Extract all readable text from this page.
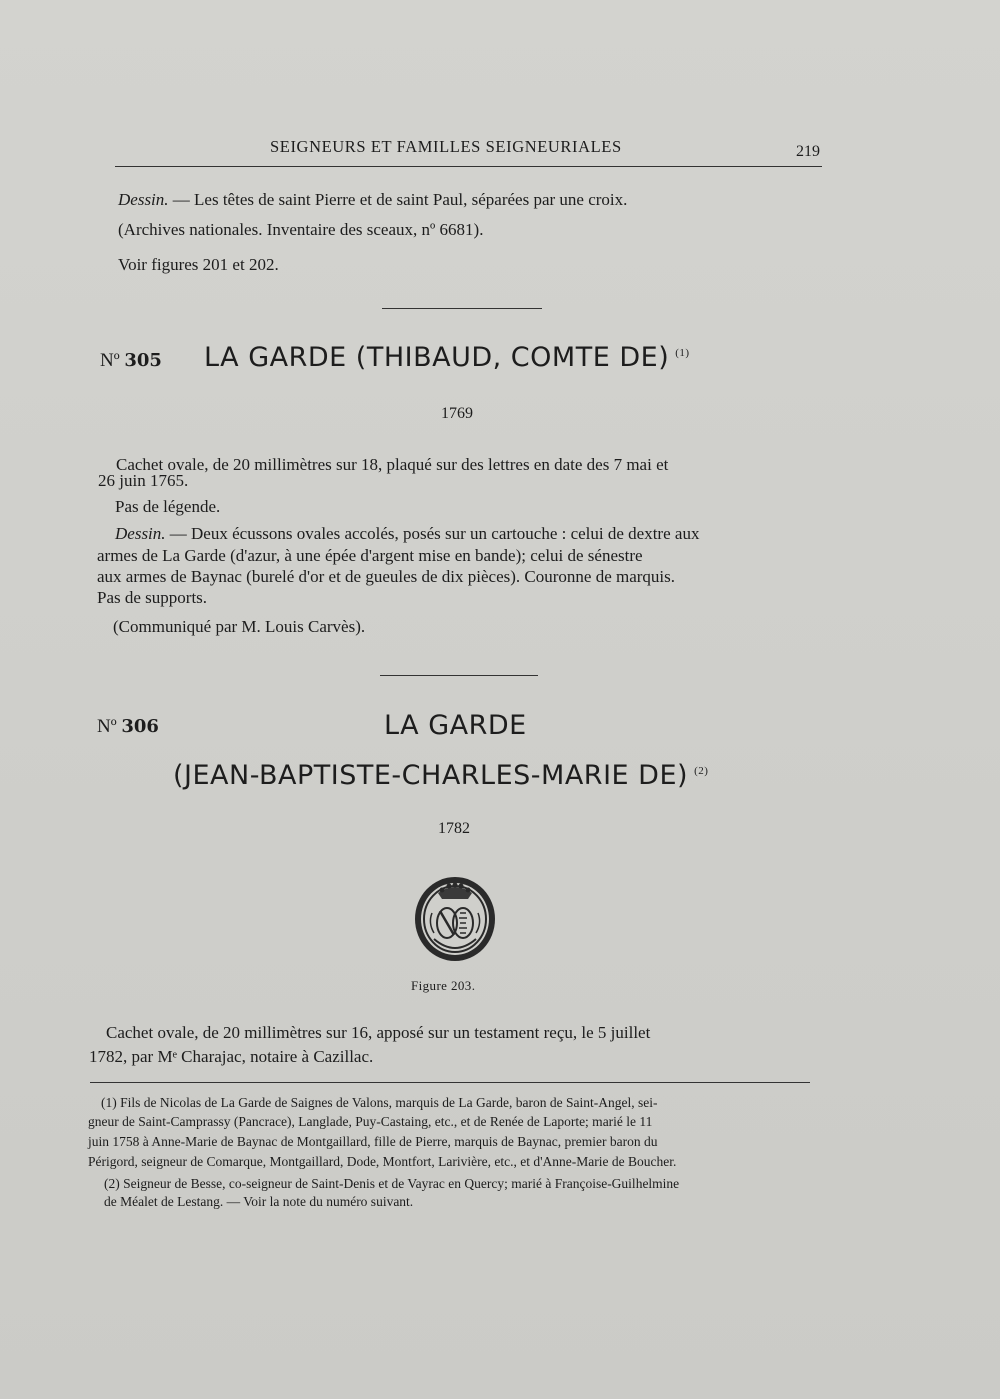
SEIGNEURS ET FAMILLES SEIGNEURIALES	219
Dessin. — Les têtes de saint Pierre et de saint Paul, séparées par une croix.
(Archives nationales. Inventaire des sceaux, nº 6681).
Voir figures 201 et 202.
Nº 305 LA GARDE (THIBAUD, COMTE DE) $^{(1)}$
1769
Cachet ovale, de 20 millimètres sur 18, plaqué sur des lettres en date des 7 mai et
26 juin 1765.
Pas de légende.
Dessin. — Deux écussons ovales accolés, posés sur un cartouche : celui de dextre aux
armes de La Garde (d'azur, à une épée d'argent mise en bande); celui de sénestre
aux armes de Baynac (burelé d'or et de gueules de dix pièces). Couronne de marquis.
Pas de supports.
(Communiqué par M. Louis Carvès).
Nº 306	LA GARDE
(JEAN-BAPTISTE-CHARLES-MARIE DE) $^{(2)}$
1782
Figure 203.
Cachet ovale, de 20 millimètres sur 16, apposé sur un testament reçu, le 5 juillet
1782, par Mᵉ Charajac, notaire à Cazillac.
(1) Fils de Nicolas de La Garde de Saignes de Valons, marquis de La Garde, baron de Saint-Angel, sei-
gneur de Saint-Camprassy (Pancrace), Langlade, Puy-Castaing, etc., et de Renée de Laporte; marié le 11
juin 1758 à Anne-Marie de Baynac de Montgaillard, fille de Pierre, marquis de Baynac, premier baron du
Périgord, seigneur de Comarque, Montgaillard, Dode, Montfort, Larivière, etc., et d'Anne-Marie de Boucher.
(2) Seigneur de Besse, co-seigneur de Saint-Denis et de Vayrac en Quercy; marié à Françoise-Guilhelmine
de Méalet de Lestang. — Voir la note du numéro suivant.
